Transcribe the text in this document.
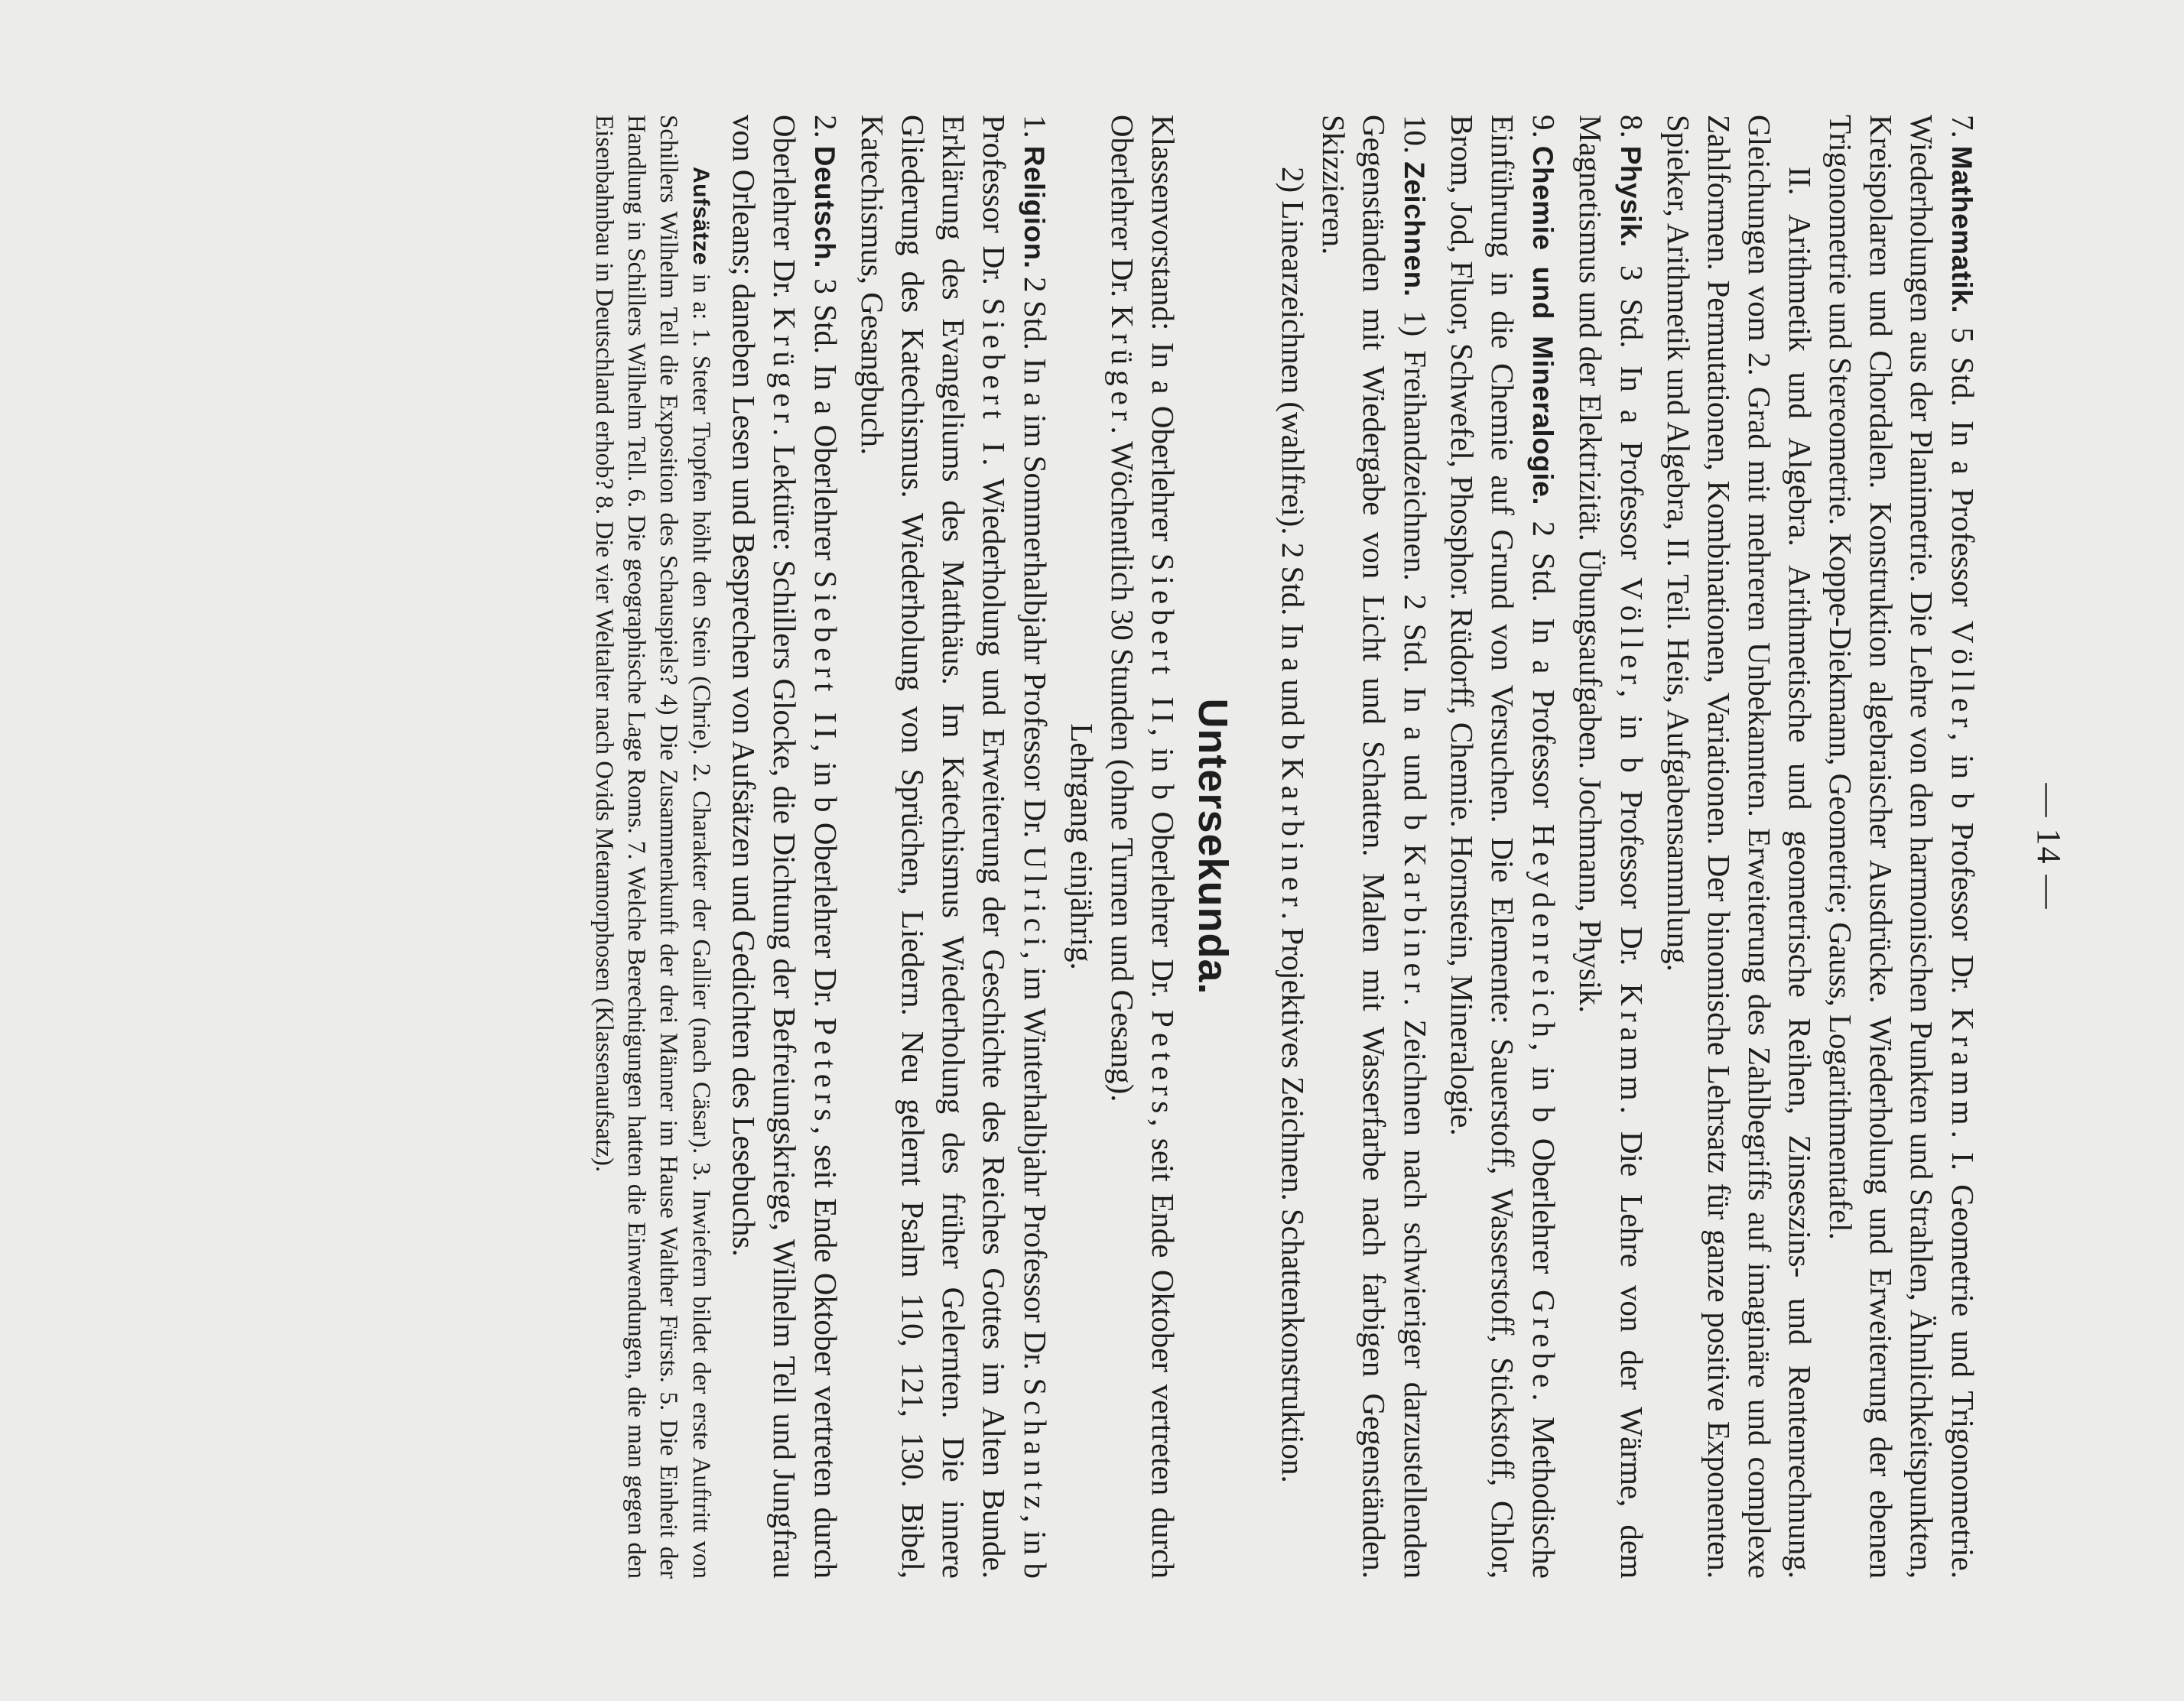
— 14 —

7.Mathematik. 5 Std. In a Professor Völler, in b Professor Dr. Kramm. I. Geometrie und Trigonometrie. Wiederholungen aus der Planimetrie. Die Lehre von den harmonischen Punkten und Strahlen, Ähnlichkeitspunkten, Kreispolaren und Chordalen. Konstruktion algebraischer Ausdrücke. Wiederholung und Erweiterung der ebenen Trigonometrie und Stereometrie. Koppe-Diekmann, Geometrie; Gauss, Logarithmentafel.

II. Arithmetik und Algebra. Arithmetische und geometrische Reihen, Zinseszins- und Rentenrechnung. Gleichungen vom 2. Grad mit mehreren Unbekannten. Erweiterung des Zahlbegriffs auf imaginäre und complexe Zahlformen. Permutationen, Kombinationen, Variationen. Der binomische Lehrsatz für ganze positive Exponenten. Spieker, Arithmetik und Algebra, II. Teil. Heis, Aufgabensammlung.

8.Physik. 3 Std. In a Professor Völler, in b Professor Dr. Kramm. Die Lehre von der Wärme, dem Magnetismus und der Elektrizität. Übungsaufgaben. Jochmann, Physik.

9.Chemie und Mineralogie. 2 Std. In a Professor Heydenreich, in b Oberlehrer Grebe. Methodische Einführung in die Chemie auf Grund von Versuchen. Die Elemente: Sauerstoff, Wasserstoff, Stickstoff, Chlor, Brom, Jod, Fluor, Schwefel, Phosphor. Rüdorff, Chemie. Hornstein, Mineralogie.

10.Zeichnen. 1) Freihandzeichnen. 2 Std. In a und b Karbiner. Zeichnen nach schwieriger darzustellenden Gegenständen mit Wiedergabe von Licht und Schatten. Malen mit Wasserfarbe nach farbigen Gegenständen. Skizzieren.

2) Linearzeichnen (wahlfrei). 2 Std. In a und b Karbiner. Projektives Zeichnen. Schattenkonstruktion.

Untersekunda.

Klassenvorstand: In a Oberlehrer Siebert II, in b Oberlehrer Dr. Peters, seit Ende Oktober vertreten durch Oberlehrer Dr. Krüger. Wöchentlich 30 Stunden (ohne Turnen und Gesang).

Lehrgang einjährig.

1.Religion. 2 Std. In a im Sommerhalbjahr Professor Dr. Ulrici, im Winterhalbjahr Professor Dr. Schantz, in b Professor Dr. Siebert I. Wiederholung und Erweiterung der Geschichte des Reiches Gottes im Alten Bunde. Erklärung des Evangeliums des Matthäus. Im Katechismus Wiederholung des früher Gelernten. Die innere Gliederung des Katechismus. Wiederholung von Sprüchen, Liedern. Neu gelernt Psalm 110, 121, 130. Bibel, Katechismus, Gesangbuch.

2.Deutsch. 3 Std. In a Oberlehrer Siebert II, in b Oberlehrer Dr. Peters, seit Ende Oktober vertreten durch Oberlehrer Dr. Krüger. Lektüre: Schillers Glocke, die Dichtung der Befreiungskriege, Wilhelm Tell und Jungfrau von Orleans; daneben Lesen und Besprechen von Aufsätzen und Gedichten des Lesebuchs.

Aufsätze in a: 1. Steter Tropfen höhlt den Stein (Chrie). 2. Charakter der Gallier (nach Cäsar). 3. Inwiefern bildet der erste Auftritt von Schillers Wilhelm Tell die Exposition des Schauspiels? 4) Die Zusammenkunft der drei Männer im Hause Walther Fürsts. 5. Die Einheit der Handlung in Schillers Wilhelm Tell. 6. Die geographische Lage Roms. 7. Welche Berechtigungen hatten die Einwendungen, die man gegen den Eisenbahnbau in Deutschland erhob? 8. Die vier Weltalter nach Ovids Metamorphosen (Klassenaufsatz).
